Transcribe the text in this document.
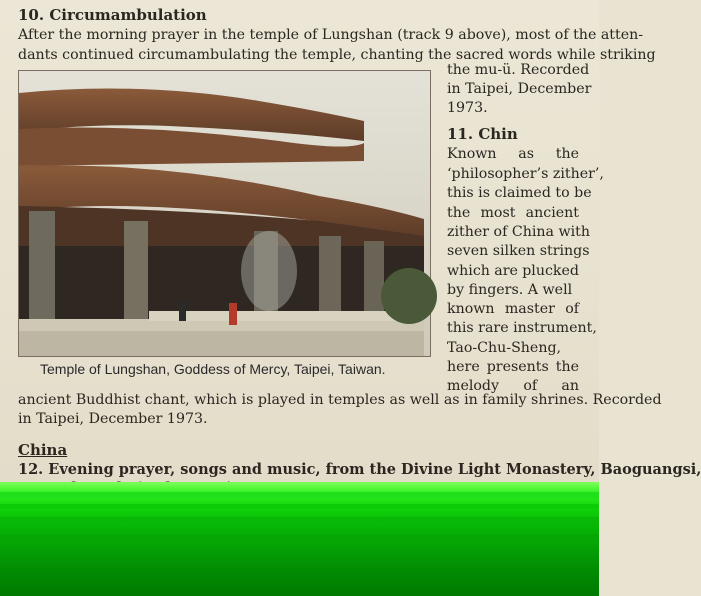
10. Circumambulation
After the morning prayer in the temple of Lungshan (track 9 above), most of the atten-
dants continued circumambulating the temple, chanting the sacred words while striking
the mu-ü. Recorded
in Taipei, December
1973.
11. Chin
Known as the
‘philosopher’s zither’,
this is claimed to be
the most ancient
zither of China with
seven silken strings
which are plucked
by fingers. A well
known master of
this rare instrument,
Tao-Chu-Sheng,
here presents the
melody of an
Temple of Lungshan, Goddess of Mercy, Taipei, Taiwan.
ancient Buddhist chant, which is played in temples as well as in family shrines. Recorded
in Taipei, December 1973.
China
12. Evening prayer, songs and music, from the Divine Light Monastery, Baoguangsi,
